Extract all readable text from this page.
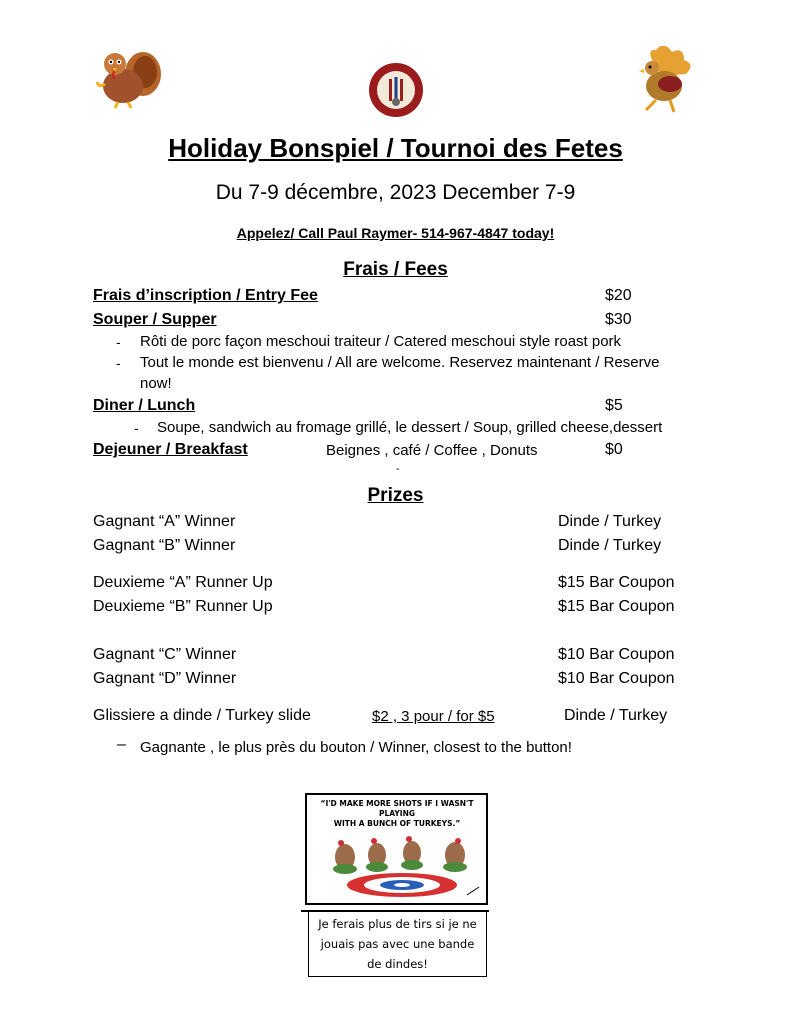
Holiday Bonspiel / Tournoi des Fetes
Du 7-9 décembre, 2023 December 7-9
Appelez/ Call Paul Raymer- 514-967-4847 today!
Frais / Fees
Frais d’inscription / Entry Fee	$20
Souper / Supper	$30
- Rôti de porc façon meschoui traiteur / Catered meschoui style roast pork
- Tout le monde est bienvenu / All are welcome. Reservez maintenant / Reserve
now!
Diner / Lunch	$5
- Soupe, sandwich au fromage grillé, le dessert / Soup, grilled cheese,dessert
Dejeuner / Breakfast	Beignes , café / Coffee , Donuts	$0
-
Prizes
Gagnant “A” Winner	Dinde / Turkey
Gagnant “B” Winner	Dinde / Turkey
Deuxieme “A” Runner Up	$15 Bar Coupon
Deuxieme “B” Runner Up	$15 Bar Coupon
Gagnant “C” Winner	$10 Bar Coupon
Gagnant “D” Winner	$10 Bar Coupon
Glissiere a dinde / Turkey slide	$2 , 3 pour / for $5	Dinde / Turkey
– Gagnante , le plus près du bouton / Winner, closest to the button!
“I'D MAKE MORE SHOTS IF I WASN'T PLAYING
WITH A BUNCH OF TURKEYS.”
Je ferais plus de tirs si je ne
jouais pas avec une bande
de dindes!
